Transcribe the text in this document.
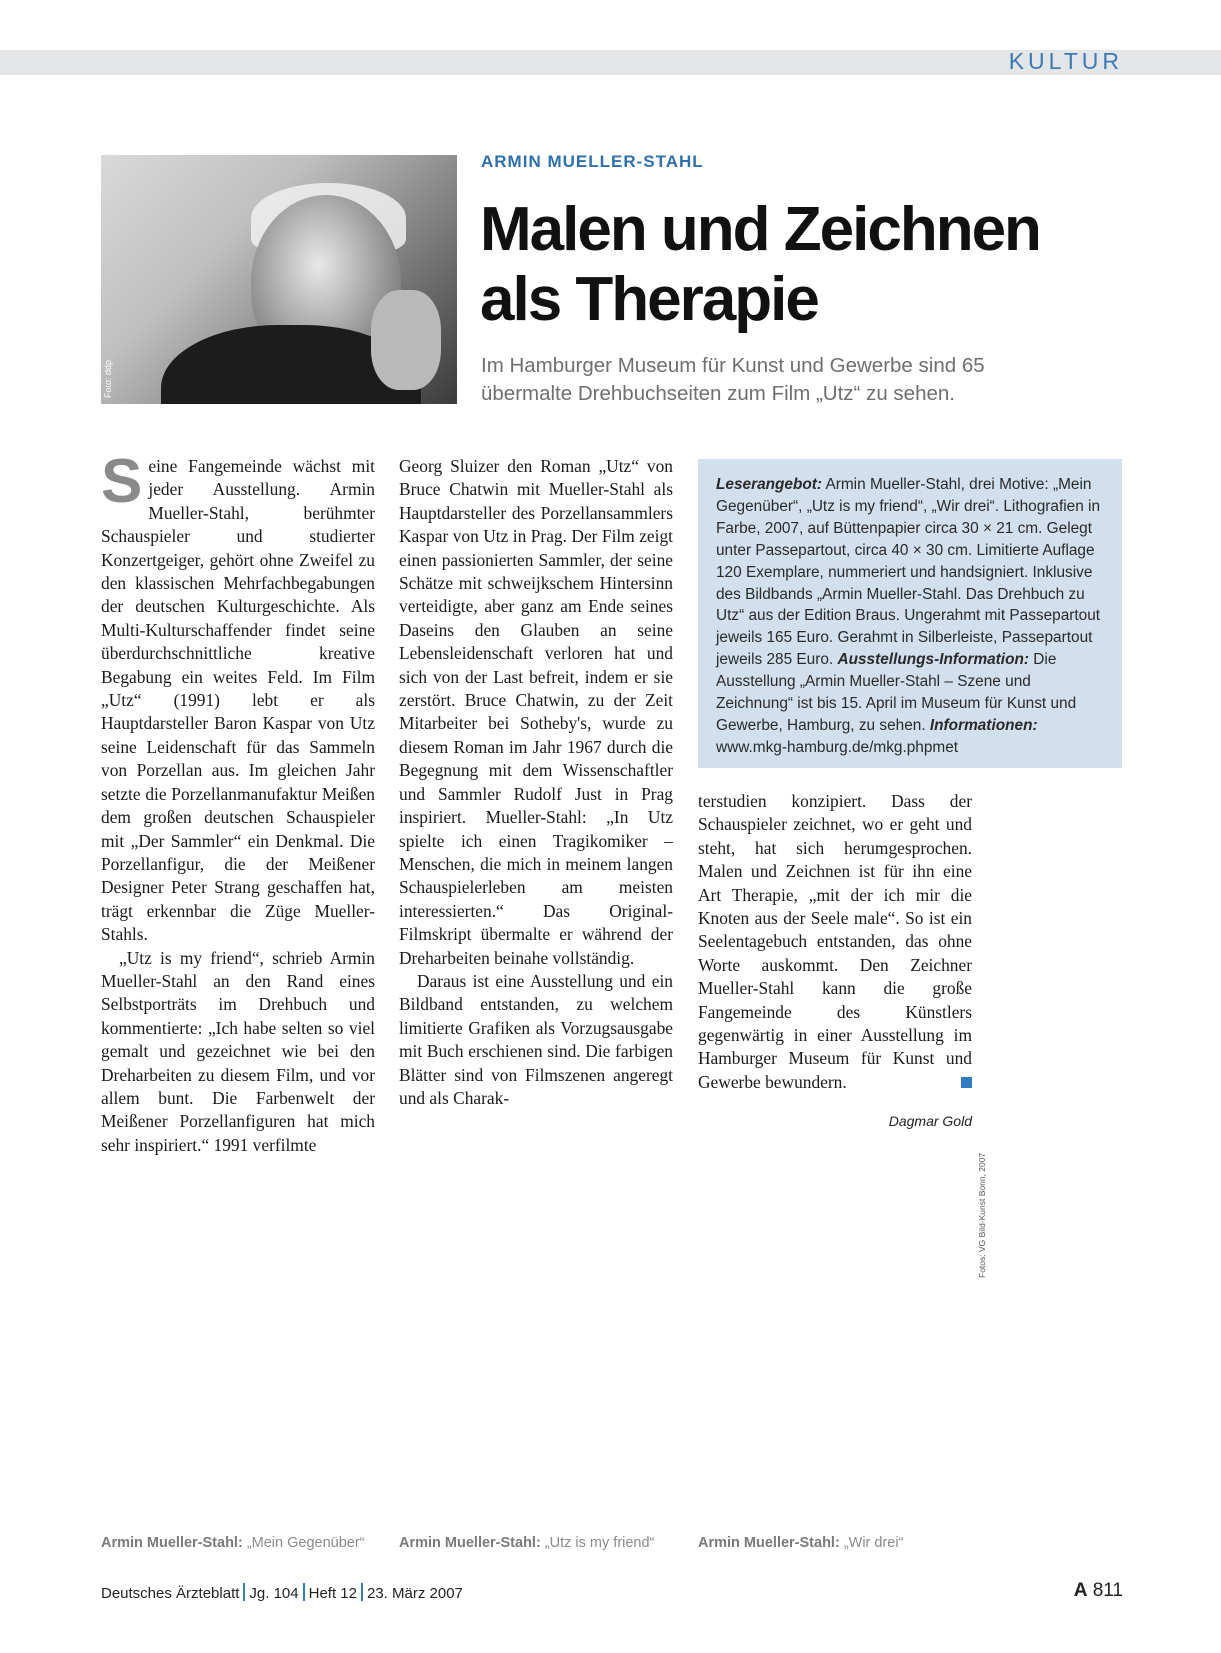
KULTUR
Foto: ddp
ARMIN MUELLER-STAHL
Malen und Zeichnen als Therapie
Im Hamburger Museum für Kunst und Gewerbe sind 65 übermalte Drehbuchseiten zum Film „Utz“ zu sehen.

Seine Fangemeinde wächst mit jeder Ausstellung. Armin Mueller-Stahl, berühmter Schauspieler und studierter Konzertgeiger, gehört ohne Zweifel zu den klassischen Mehrfachbegabungen der deutschen Kulturgeschichte. Als Multi-Kulturschaffender findet seine überdurchschnittliche kreative Begabung ein weites Feld. Im Film „Utz“ (1991) lebt er als Hauptdarsteller Baron Kaspar von Utz seine Leidenschaft für das Sammeln von Porzellan aus. Im gleichen Jahr setzte die Porzellanmanufaktur Meißen dem großen deutschen Schauspieler mit „Der Sammler“ ein Denkmal. Die Porzellanfigur, die der Meißener Designer Peter Strang geschaffen hat, trägt erkennbar die Züge Mueller-Stahls.

„Utz is my friend“, schrieb Armin Mueller-Stahl an den Rand eines Selbstporträts im Drehbuch und kommentierte: „Ich habe selten so viel gemalt und gezeichnet wie bei den Dreharbeiten zu diesem Film, und vor allem bunt. Die Farbenwelt der Meißener Porzellanfiguren hat mich sehr inspiriert.“ 1991 verfilmte

Georg Sluizer den Roman „Utz“ von Bruce Chatwin mit Mueller-Stahl als Hauptdarsteller des Porzellansammlers Kaspar von Utz in Prag. Der Film zeigt einen passionierten Sammler, der seine Schätze mit schweijkschem Hintersinn verteidigte, aber ganz am Ende seines Daseins den Glauben an seine Lebensleidenschaft verloren hat und sich von der Last befreit, indem er sie zerstört. Bruce Chatwin, zu der Zeit Mitarbeiter bei Sotheby's, wurde zu diesem Roman im Jahr 1967 durch die Begegnung mit dem Wissenschaftler und Sammler Rudolf Just in Prag inspiriert. Mueller-Stahl: „In Utz spielte ich einen Tragikomiker – Menschen, die mich in meinem langen Schauspielerleben am meisten interessierten.“ Das Original-Filmskript übermalte er während der Dreharbeiten beinahe vollständig.

Daraus ist eine Ausstellung und ein Bildband entstanden, zu welchem limitierte Grafiken als Vorzugsausgabe mit Buch erschienen sind. Die farbigen Blätter sind von Filmszenen angeregt und als Charak-

Leserangebot: Armin Mueller-Stahl, drei Motive: „Mein Gegenüber“, „Utz is my friend“, „Wir drei“. Lithografien in Farbe, 2007, auf Büttenpapier circa 30 × 21 cm. Gelegt unter Passepartout, circa 40 × 30 cm. Limitierte Auflage 120 Exemplare, nummeriert und handsigniert. Inklusive des Bildbands „Armin Mueller-Stahl. Das Drehbuch zu Utz“ aus der Edition Braus. Ungerahmt mit Passepartout jeweils 165 Euro. Gerahmt in Silberleiste, Passepartout jeweils 285 Euro. Ausstellungs-Information: Die Ausstellung „Armin Mueller-Stahl – Szene und Zeichnung“ ist bis 15. April im Museum für Kunst und Gewerbe, Hamburg, zu sehen. Informationen: www.mkg-hamburg.de/mkg.phpmet

terstudien konzipiert. Dass der Schauspieler zeichnet, wo er geht und steht, hat sich herumgesprochen. Malen und Zeichnen ist für ihn eine Art Therapie, „mit der ich mir die Knoten aus der Seele male“. So ist ein Seelentagebuch entstanden, das ohne Worte auskommt. Den Zeichner Mueller-Stahl kann die große Fangemeinde des Künstlers gegenwärtig in einer Ausstellung im Hamburger Museum für Kunst und Gewerbe bewundern.

Dagmar Gold
Fotos: VG Bild-Kunst Bonn, 2007
Armin Mueller-Stahl: „Mein Gegenüber“ Armin Mueller-Stahl: „Utz is my friend“	Armin Mueller-Stahl: „Wir drei“
Deutsches Ärzteblatt Jg. 104 Heft 12 23. März 2007	A 811
